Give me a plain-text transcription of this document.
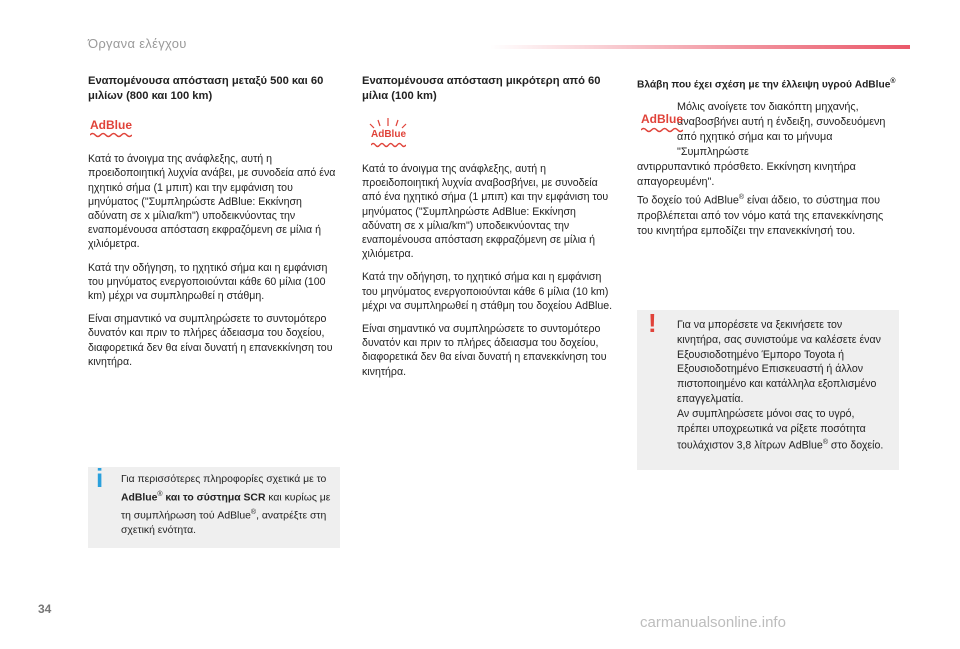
Όργανα ελέγχου
Εναπομένουσα απόσταση μεταξύ 500 και 60 μιλίων (800 και 100 km)
AdBlue

Κατά το άνοιγμα της ανάφλεξης, αυτή η προειδοποιητική λυχνία ανάβει, με συνοδεία από ένα ηχητικό σήμα (1 μπιπ) και την εμφάνιση του μηνύματος ("Συμπληρώστε AdBlue: Εκκίνηση αδύνατη σε x μίλια/km") υποδεικνύοντας την εναπομένουσα απόσταση εκφραζόμενη σε μίλια ή χιλιόμετρα.

Κατά την οδήγηση, το ηχητικό σήμα και η εμφάνιση του μηνύματος ενεργοποιούνται κάθε 60 μίλια (100 km) μέχρι να συμπληρωθεί η στάθμη.

Είναι σημαντικό να συμπληρώσετε το συντομότερο δυνατόν και πριν το πλήρες άδειασμα του δοχείου, διαφορετικά δεν θα είναι δυνατή η επανεκκίνηση του κινητήρα.

Εναπομένουσα απόσταση μικρότερη από 60 μίλια (100 km)
AdBlue

Κατά το άνοιγμα της ανάφλεξης, αυτή η προειδοποιητική λυχνία αναβοσβήνει, με συνοδεία από ένα ηχητικό σήμα (1 μπιπ) και την εμφάνιση του μηνύματος ("Συμπληρώστε AdBlue: Εκκίνηση αδύνατη σε x μίλια/km") υποδεικνύοντας την εναπομένουσα απόσταση εκφραζόμενη σε μίλια ή χιλιόμετρα.

Κατά την οδήγηση, το ηχητικό σήμα και η εμφάνιση του μηνύματος ενεργοποιούνται κάθε 6 μίλια (10 km) μέχρι να συμπληρωθεί η στάθμη του δοχείου AdBlue.

Είναι σημαντικό να συμπληρώσετε το συντομότερο δυνατόν και πριν το πλήρες άδειασμα του δοχείου, διαφορετικά δεν θα είναι δυνατή η επανεκκίνηση του κινητήρα.

Βλάβη που έχει σχέση με την έλλειψη υγρού AdBlue®
AdBlue
Μόλις ανοίγετε τον διακόπτη μηχανής, αναβοσβήνει αυτή η ένδειξη, συνοδευόμενη από ηχητικό σήμα και το μήνυμα "Συμπληρώστε
αντιρρυπαντικό πρόσθετο. Εκκίνηση κινητήρα απαγορευμένη".
Το δοχείο τού AdBlue® είναι άδειο, το σύστημα που προβλέπεται από τον νόμο κατά της επανεκκίνησης του κινητήρα εμποδίζει την επανεκκίνησή του.
i Για περισσότερες πληροφορίες σχετικά με το AdBlue® και το σύστημα SCR και κυρίως με τη συμπλήρωση τού AdBlue®, ανατρέξτε στη σχετική ενότητα.
! Για να μπορέσετε να ξεκινήσετε τον κινητήρα, σας συνιστούμε να καλέσετε έναν Εξουσιοδοτημένο Έμπορο Toyota ή Εξουσιοδοτημένο Επισκευαστή ή άλλον πιστοποιημένο και κατάλληλα εξοπλισμένο επαγγελματία.
Αν συμπληρώσετε μόνοι σας το υγρό, πρέπει υποχρεωτικά να ρίξετε ποσότητα τουλάχιστον 3,8 λίτρων AdBlue® στο δοχείο.
34
carmanualsonline.info
